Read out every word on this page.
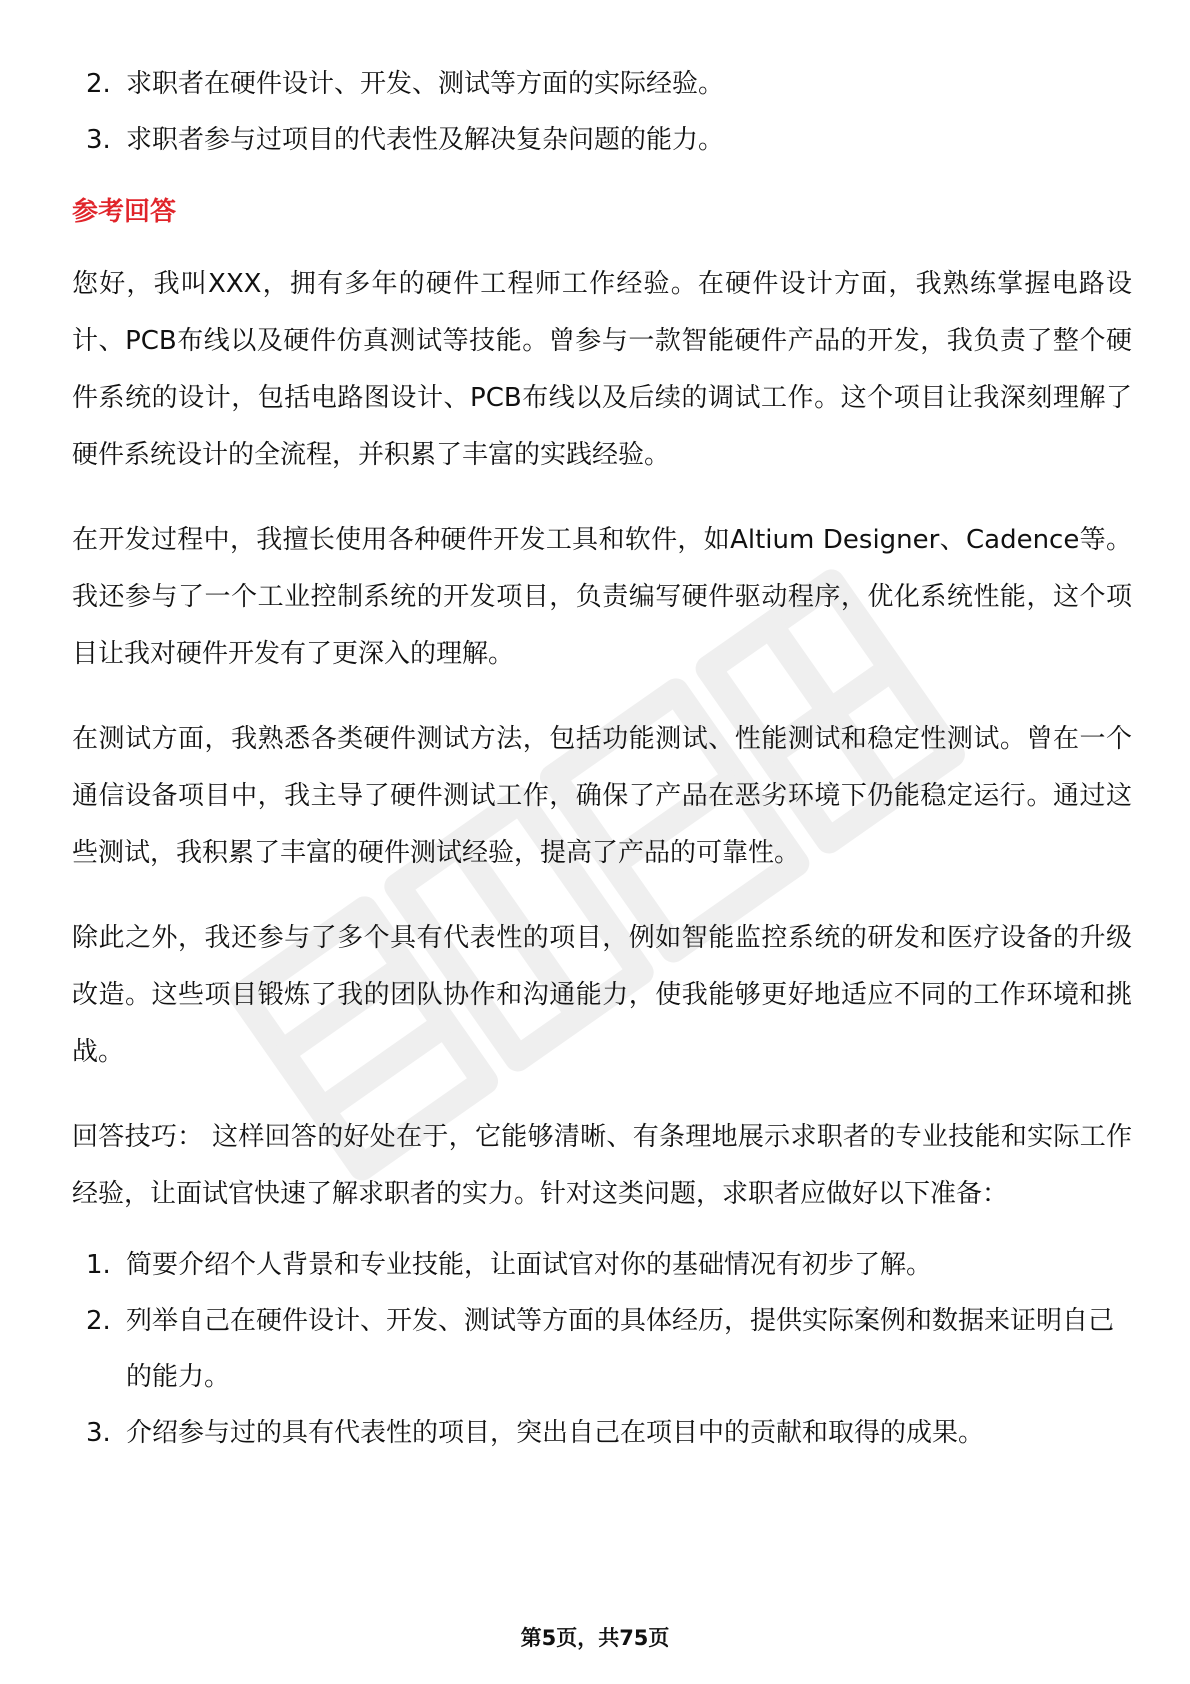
2. 求职者在硬件设计、开发、测试等方面的实际经验。
3. 求职者参与过项目的代表性及解决复杂问题的能力。
参考回答

您好，我叫XXX，拥有多年的硬件工程师工作经验。在硬件设计方面，我熟练掌握电路设计、PCB布线以及硬件仿真测试等技能。曾参与一款智能硬件产品的开发，我负责了整个硬件系统的设计，包括电路图设计、PCB布线以及后续的调试工作。这个项目让我深刻理解了硬件系统设计的全流程，并积累了丰富的实践经验。

在开发过程中，我擅长使用各种硬件开发工具和软件，如Altium Designer、Cadence等。我还参与了一个工业控制系统的开发项目，负责编写硬件驱动程序，优化系统性能，这个项目让我对硬件开发有了更深入的理解。

在测试方面，我熟悉各类硬件测试方法，包括功能测试、性能测试和稳定性测试。曾在一个通信设备项目中，我主导了硬件测试工作，确保了产品在恶劣环境下仍能稳定运行。通过这些测试，我积累了丰富的硬件测试经验，提高了产品的可靠性。

除此之外，我还参与了多个具有代表性的项目，例如智能监控系统的研发和医疗设备的升级改造。这些项目锻炼了我的团队协作和沟通能力，使我能够更好地适应不同的工作环境和挑战。

回答技巧： 这样回答的好处在于，它能够清晰、有条理地展示求职者的专业技能和实际工作经验，让面试官快速了解求职者的实力。针对这类问题，求职者应做好以下准备：

1. 简要介绍个人背景和专业技能，让面试官对你的基础情况有初步了解。
2. 列举自己在硬件设计、开发、测试等方面的具体经历，提供实际案例和数据来证明自己的能力。
3. 介绍参与过的具有代表性的项目，突出自己在项目中的贡献和取得的成果。
第5页，共75页
